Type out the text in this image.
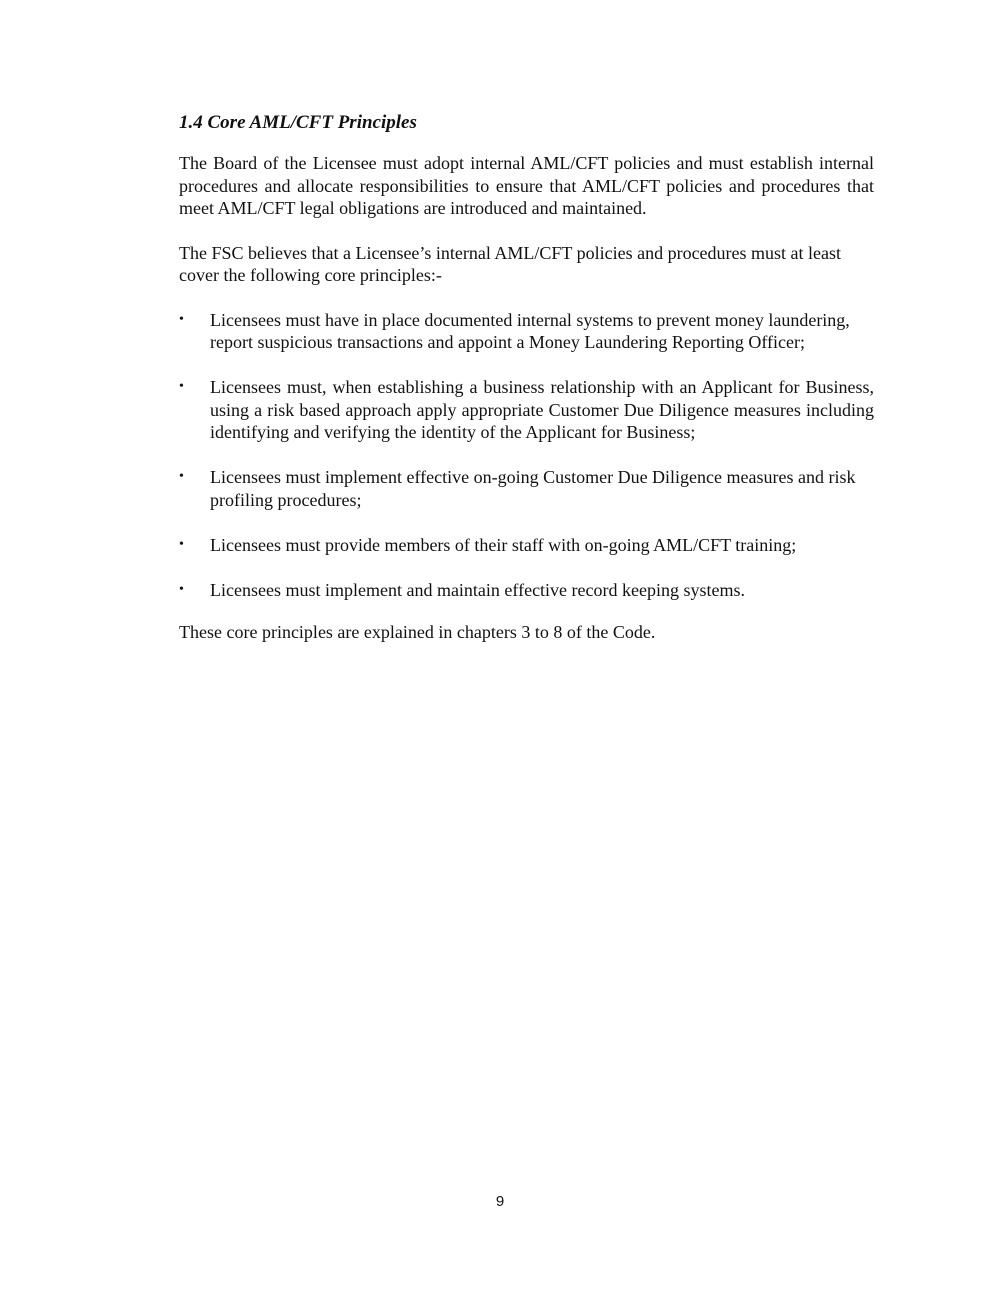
1.4 Core AML/CFT Principles

The Board of the Licensee must adopt internal AML/CFT policies and must establish internal procedures and allocate responsibilities to ensure that AML/CFT policies and procedures that meet AML/CFT legal obligations are introduced and maintained.

The FSC believes that a Licensee’s internal AML/CFT policies and procedures must at least cover the following core principles:-

•	Licensees must have in place documented internal systems to prevent money laundering, report suspicious transactions and appoint a Money Laundering Reporting Officer;
•	Licensees must, when establishing a business relationship with an Applicant for Business, using a risk based approach apply appropriate Customer Due Diligence measures including identifying and verifying the identity of the Applicant for Business;
•	Licensees must implement effective on-going Customer Due Diligence measures and risk profiling procedures;
•	Licensees must provide members of their staff with on-going AML/CFT training;
•	Licensees must implement and maintain effective record keeping systems.

These core principles are explained in chapters 3 to 8 of the Code.

9
